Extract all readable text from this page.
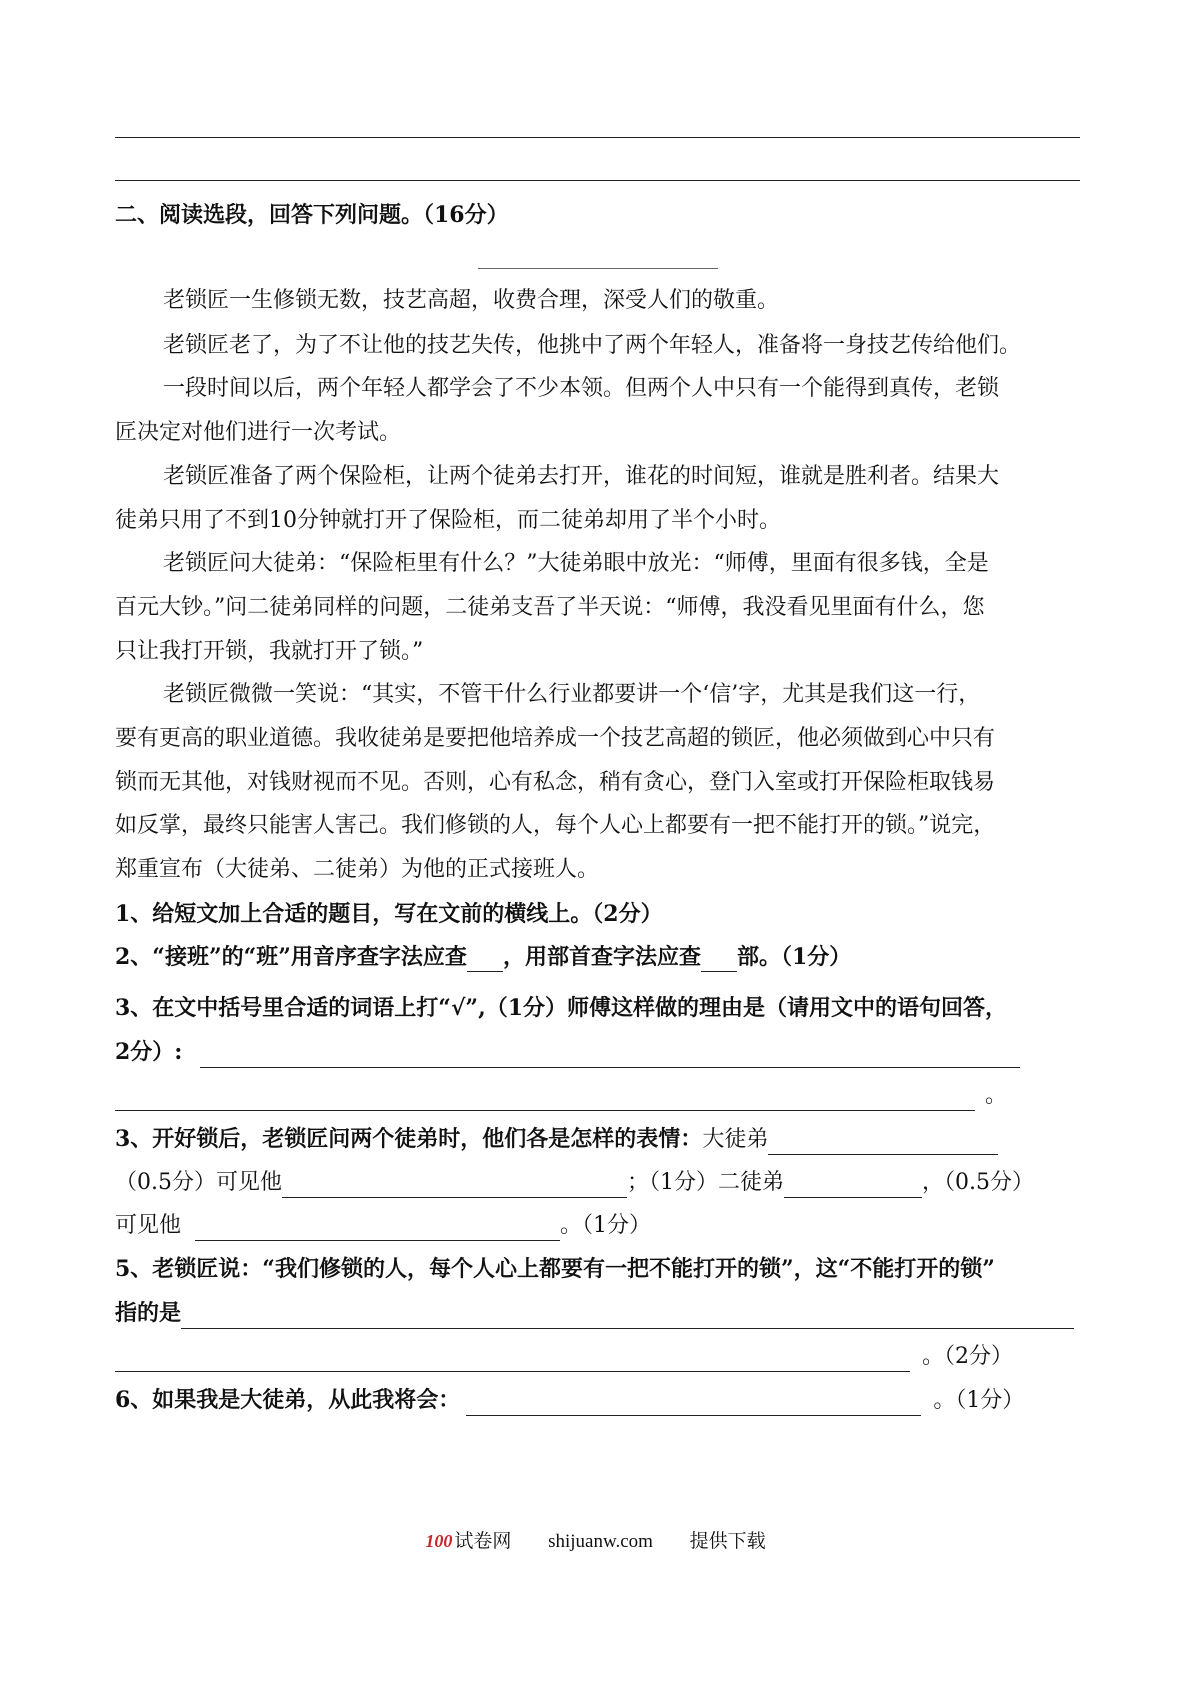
二、阅读选段，回答下列问题。（16分）
老锁匠一生修锁无数，技艺高超，收费合理，深受人们的敬重。
老锁匠老了，为了不让他的技艺失传，他挑中了两个年轻人，准备将一身技艺传给他们。
一段时间以后，两个年轻人都学会了不少本领。但两个人中只有一个能得到真传，老锁
匠决定对他们进行一次考试。
老锁匠准备了两个保险柜，让两个徒弟去打开，谁花的时间短，谁就是胜利者。结果大
徒弟只用了不到10分钟就打开了保险柜，而二徒弟却用了半个小时。
老锁匠问大徒弟：“保险柜里有什么？”大徒弟眼中放光：“师傅，里面有很多钱，全是
百元大钞。”问二徒弟同样的问题，二徒弟支吾了半天说：“师傅，我没看见里面有什么，您
只让我打开锁，我就打开了锁。”
老锁匠微微一笑说：“其实，不管干什么行业都要讲一个‘信’字，尤其是我们这一行，
要有更高的职业道德。我收徒弟是要把他培养成一个技艺高超的锁匠，他必须做到心中只有
锁而无其他，对钱财视而不见。否则，心有私念，稍有贪心，登门入室或打开保险柜取钱易
如反掌，最终只能害人害己。我们修锁的人，每个人心上都要有一把不能打开的锁。”说完，
郑重宣布（大徒弟、二徒弟）为他的正式接班人。
1、给短文加上合适的题目，写在文前的横线上。（2分）
2、“接班”的“班”用音序查字法应查 ，用部首查字法应查 部。（1分）
3、在文中括号里合适的词语上打“√”,（1分）师傅这样做的理由是（请用文中的语句回答，
2分）:
。
3、开好锁后，老锁匠问两个徒弟时，他们各是怎样的表情：大徒弟
（0.5分）可见他	；（1分）二徒弟	，（0.5分）
可见他	。（1分）
5、老锁匠说：“我们修锁的人，每个人心上都要有一把不能打开的锁”，这“不能打开的锁”
指的是
。（2分）
6、如果我是大徒弟，从此我将会：	。（1分）
100 试卷网 shijuanw.com 提供下载
